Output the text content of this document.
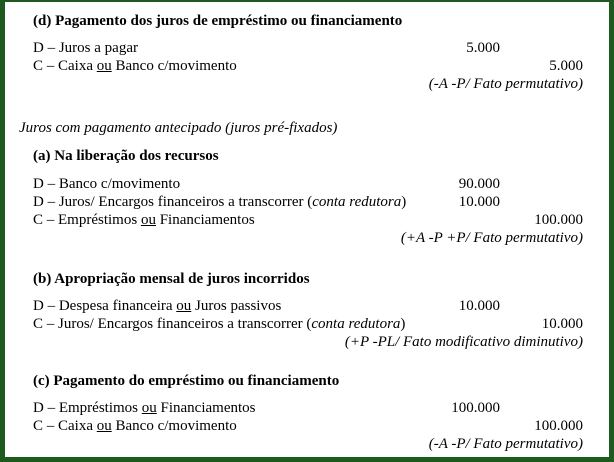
(d) Pagamento dos juros de empréstimo ou financiamento
D – Juros a pagar	5.000
C – Caixa ou Banco c/movimento	5.000
(-A -P/ Fato permutativo)
Juros com pagamento antecipado (juros pré-fixados)
(a) Na liberação dos recursos
D – Banco c/movimento	90.000
D – Juros/ Encargos financeiros a transcorrer (conta redutora)	10.000
C – Empréstimos ou Financiamentos	100.000
(+A -P +P/ Fato permutativo)
(b) Apropriação mensal de juros incorridos
D – Despesa financeira ou Juros passivos	10.000
C – Juros/ Encargos financeiros a transcorrer (conta redutora)	10.000
(+P -PL/ Fato modificativo diminutivo)
(c) Pagamento do empréstimo ou financiamento
D – Empréstimos ou Financiamentos	100.000
C – Caixa ou Banco c/movimento	100.000
(-A -P/ Fato permutativo)
